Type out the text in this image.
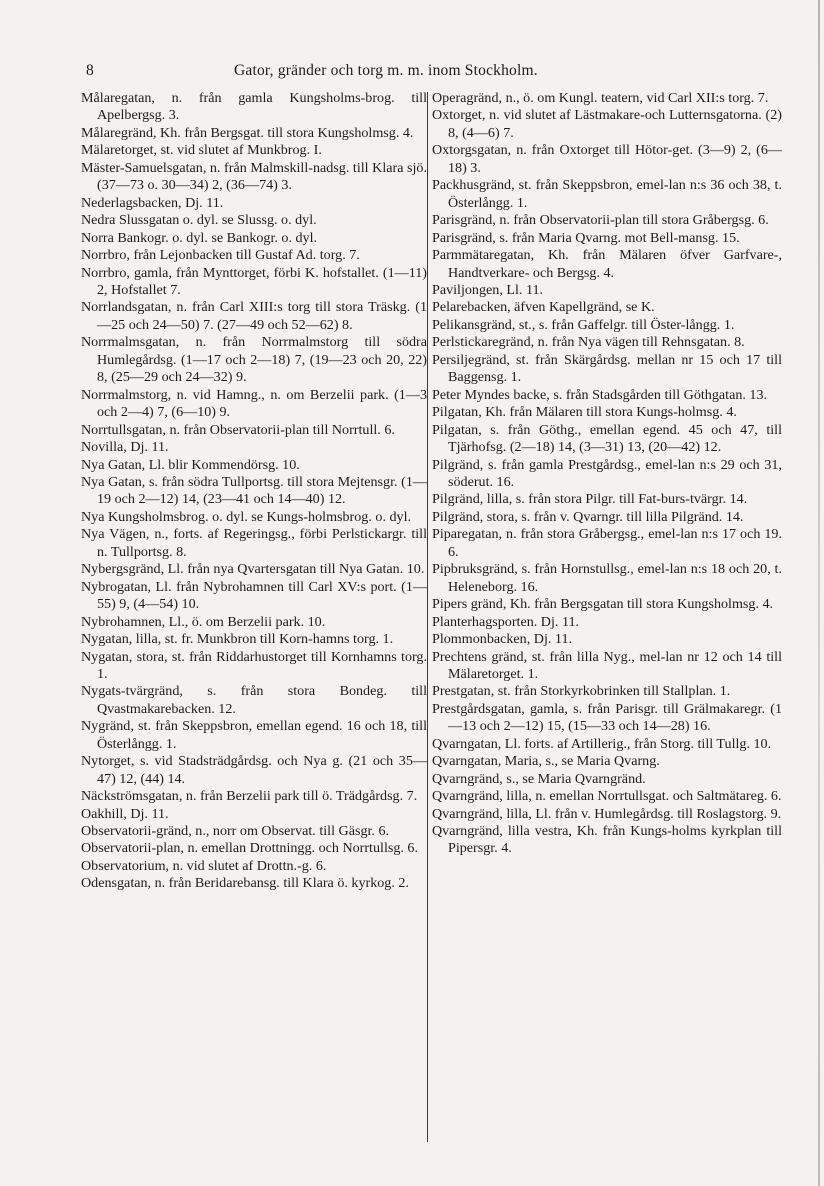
8	Gator, gränder och torg m. m. inom Stockholm.

Målaregatan, n. från gamla Kungsholms-brog. till Apelbergsg. 3.

Målaregränd, Kh. från Bergsgat. till stora Kungsholmsg. 4.

Mälaretorget, st. vid slutet af Munkbrog. I.

Mäster-Samuelsgatan, n. från Malmskill-nadsg. till Klara sjö. (37—73 o. 30—34) 2, (36—74) 3.

Nederlagsbacken, Dj. 11.

Nedra Slussgatan o. dyl. se Slussg. o. dyl.

Norra Bankogr. o. dyl. se Bankogr. o. dyl.

Norrbro, från Lejonbacken till Gustaf Ad. torg. 7.

Norrbro, gamla, från Mynttorget, förbi K. hofstallet. (1—11) 2, Hofstallet 7.

Norrlandsgatan, n. från Carl XIII:s torg till stora Träskg. (1—25 och 24—50) 7. (27—49 och 52—62) 8.

Norrmalmsgatan, n. från Norrmalmstorg till södra Humlegårdsg. (1—17 och 2—18) 7, (19—23 och 20, 22) 8, (25—29 och 24—32) 9.

Norrmalmstorg, n. vid Hamng., n. om Berzelii park. (1—3 och 2—4) 7, (6—10) 9.

Norrtullsgatan, n. från Observatorii-plan till Norrtull. 6.

Novilla, Dj. 11.

Nya Gatan, Ll. blir Kommendörsg. 10.

Nya Gatan, s. från södra Tullportsg. till stora Mejtensgr. (1—19 och 2—12) 14, (23—41 och 14—40) 12.

Nya Kungsholmsbrog. o. dyl. se Kungs-holmsbrog. o. dyl.

Nya Vägen, n., forts. af Regeringsg., förbi Perlstickargr. till n. Tullportsg. 8.

Nybergsgränd, Ll. från nya Qvartersgatan till Nya Gatan. 10.

Nybrogatan, Ll. från Nybrohamnen till Carl XV:s port. (1—55) 9, (4—54) 10.

Nybrohamnen, Ll., ö. om Berzelii park. 10.

Nygatan, lilla, st. fr. Munkbron till Korn-hamns torg. 1.

Nygatan, stora, st. från Riddarhustorget till Kornhamns torg. 1.

Nygats-tvärgränd, s. från stora Bondeg. till Qvastmakarebacken. 12.

Nygränd, st. från Skeppsbron, emellan egend. 16 och 18, till Österlångg. 1.

Nytorget, s. vid Stadsträdgårdsg. och Nya g. (21 och 35—47) 12, (44) 14.

Näckströmsgatan, n. från Berzelii park till ö. Trädgårdsg. 7.

Oakhill, Dj. 11.

Observatorii-gränd, n., norr om Observat. till Gäsgr. 6.

Observatorii-plan, n. emellan Drottningg. och Norrtullsg. 6.

Observatorium, n. vid slutet af Drottn.-g. 6.

Odensgatan, n. från Beridarebansg. till Klara ö. kyrkog. 2.

Operagränd, n., ö. om Kungl. teatern, vid Carl XII:s torg. 7.

Oxtorget, n. vid slutet af Lästmakare-och Lutternsgatorna. (2) 8, (4—6) 7.

Oxtorgsgatan, n. från Oxtorget till Hötor-get. (3—9) 2, (6—18) 3.

Packhusgränd, st. från Skeppsbron, emel-lan n:s 36 och 38, t. Österlångg. 1.

Parisgränd, n. från Observatorii-plan till stora Gråbergsg. 6.

Parisgränd, s. från Maria Qvarng. mot Bell-mansg. 15.

Parmmätaregatan, Kh. från Mälaren öfver Garfvare-, Handtverkare- och Bergsg. 4.

Paviljongen, Ll. 11.

Pelarebacken, äfven Kapellgränd, se K.

Pelikansgränd, st., s. från Gaffelgr. till Öster-långg. 1.

Perlstickaregränd, n. från Nya vägen till Rehnsgatan. 8.

Persiljegränd, st. från Skärgårdsg. mellan nr 15 och 17 till Baggensg. 1.

Peter Myndes backe, s. från Stadsgården till Göthgatan. 13.

Pilgatan, Kh. från Mälaren till stora Kungs-holmsg. 4.

Pilgatan, s. från Göthg., emellan egend. 45 och 47, till Tjärhofsg. (2—18) 14, (3—31) 13, (20—42) 12.

Pilgränd, s. från gamla Prestgårdsg., emel-lan n:s 29 och 31, söderut. 16.

Pilgränd, lilla, s. från stora Pilgr. till Fat-burs-tvärgr. 14.

Pilgränd, stora, s. från v. Qvarngr. till lilla Pilgränd. 14.

Piparegatan, n. från stora Gråbergsg., emel-lan n:s 17 och 19. 6.

Pipbruksgränd, s. från Hornstullsg., emel-lan n:s 18 och 20, t. Heleneborg. 16.

Pipers gränd, Kh. från Bergsgatan till stora Kungsholmsg. 4.

Planterhagsporten. Dj. 11.

Plommonbacken, Dj. 11.

Prechtens gränd, st. från lilla Nyg., mel-lan nr 12 och 14 till Mälaretorget. 1.

Prestgatan, st. från Storkyrkobrinken till Stallplan. 1.

Prestgårdsgatan, gamla, s. från Parisgr. till Grälmakaregr. (1—13 och 2—12) 15, (15—33 och 14—28) 16.

Qvarngatan, Ll. forts. af Artillerig., från Storg. till Tullg. 10.

Qvarngatan, Maria, s., se Maria Qvarng.

Qvarngränd, s., se Maria Qvarngränd.

Qvarngränd, lilla, n. emellan Norrtullsgat. och Saltmätareg. 6.

Qvarngränd, lilla, Ll. från v. Humlegårdsg. till Roslagstorg. 9.

Qvarngränd, lilla vestra, Kh. från Kungs-holms kyrkplan till Pipersgr. 4.
